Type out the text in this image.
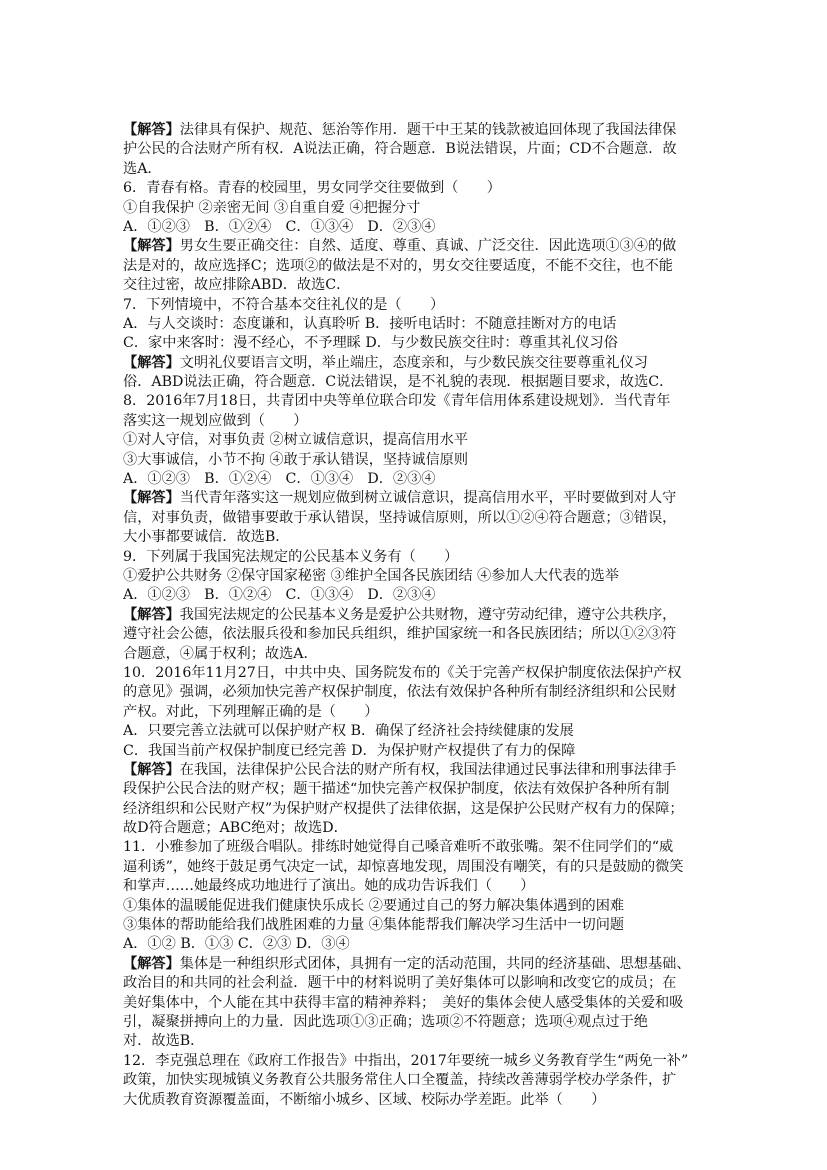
【解答】法律具有保护、规范、惩治等作用．题干中王某的钱款被追回体现了我国法律保
护公民的合法财产所有权．A说法正确，符合题意．B说法错误，片面；CD不合题意．故
选A．
6．青春有格。青春的校园里，男女同学交往要做到（　　）
①自我保护 ②亲密无间 ③自重自爱 ④把握分寸
A．①②③　B．①②④　C．①③④　D．②③④
【解答】男女生要正确交往：自然、适度、尊重、真诚、广泛交往．因此选项①③④的做
法是对的，故应选择C；选项②的做法是不对的，男女交往要适度，不能不交往，也不能
交往过密，故应排除ABD．故选C．
7．下列情境中，不符合基本交往礼仪的是（　　）
A．与人交谈时：态度谦和，认真聆听 B．接听电话时：不随意挂断对方的电话
C．家中来客时：漫不经心，不予理睬 D．与少数民族交往时：尊重其礼仪习俗
【解答】文明礼仪要语言文明，举止端庄，态度亲和，与少数民族交往要尊重礼仪习
俗．ABD说法正确，符合题意．C说法错误，是不礼貌的表现．根据题目要求，故选C．
8．2016年7月18日，共青团中央等单位联合印发《青年信用体系建设规划》．当代青年
落实这一规划应做到（　　）
①对人守信，对事负责 ②树立诚信意识，提高信用水平
③大事诚信，小节不拘 ④敢于承认错误，坚持诚信原则
A．①②③　B．①②④　C．①③④　D．②③④
【解答】当代青年落实这一规划应做到树立诚信意识，提高信用水平，平时要做到对人守
信，对事负责，做错事要敢于承认错误，坚持诚信原则，所以①②④符合题意；③错误，
大小事都要诚信．故选B．
9．下列属于我国宪法规定的公民基本义务有（　　）
①爱护公共财务 ②保守国家秘密 ③维护全国各民族团结 ④参加人大代表的选举
A．①②③　B．①②④　C．①③④　D．②③④
【解答】我国宪法规定的公民基本义务是爱护公共财物，遵守劳动纪律，遵守公共秩序，
遵守社会公德，依法服兵役和参加民兵组织，维护国家统一和各民族团结；所以①②③符
合题意，④属于权利；故选A．
10．2016年11月27日，中共中央、国务院发布的《关于完善产权保护制度依法保护产权
的意见》强调，必须加快完善产权保护制度，依法有效保护各种所有制经济组织和公民财
产权。对此，下列理解正确的是（　　）
A．只要完善立法就可以保护财产权 B．确保了经济社会持续健康的发展
C．我国当前产权保护制度已经完善 D．为保护财产权提供了有力的保障
【解答】在我国，法律保护公民合法的财产所有权，我国法律通过民事法律和刑事法律手
段保护公民合法的财产权；题干描述“加快完善产权保护制度，依法有效保护各种所有制
经济组织和公民财产权”为保护财产权提供了法律依据，这是保护公民财产权有力的保障；
故D符合题意；ABC绝对；故选D．
11．小雅参加了班级合唱队。排练时她觉得自己嗓音难听不敢张嘴。架不住同学们的“威
逼利诱”，她终于鼓足勇气决定一试，却惊喜地发现，周围没有嘲笑，有的只是鼓励的微笑
和掌声……她最终成功地进行了演出。她的成功告诉我们（　　）
①集体的温暖能促进我们健康快乐成长 ②要通过自己的努力解决集体遇到的困难
③集体的帮助能给我们战胜困难的力量 ④集体能帮我们解决学习生活中一切问题
A．①② B．①③ C．②③ D．③④
【解答】集体是一种组织形式团体，具拥有一定的活动范围，共同的经济基础、思想基础、
政治目的和共同的社会利益．题干中的材料说明了美好集体可以影响和改变它的成员；在
美好集体中，个人能在其中获得丰富的精神养料；　美好的集体会使人感受集体的关爱和吸
引，凝聚拼搏向上的力量．因此选项①③正确；选项②不符题意；选项④观点过于绝
对．故选B．
12．李克强总理在《政府工作报告》中指出，2017年要统一城乡义务教育学生“两免一补”
政策，加快实现城镇义务教育公共服务常住人口全覆盖，持续改善薄弱学校办学条件，扩
大优质教育资源覆盖面，不断缩小城乡、区域、校际办学差距。此举（　　）
